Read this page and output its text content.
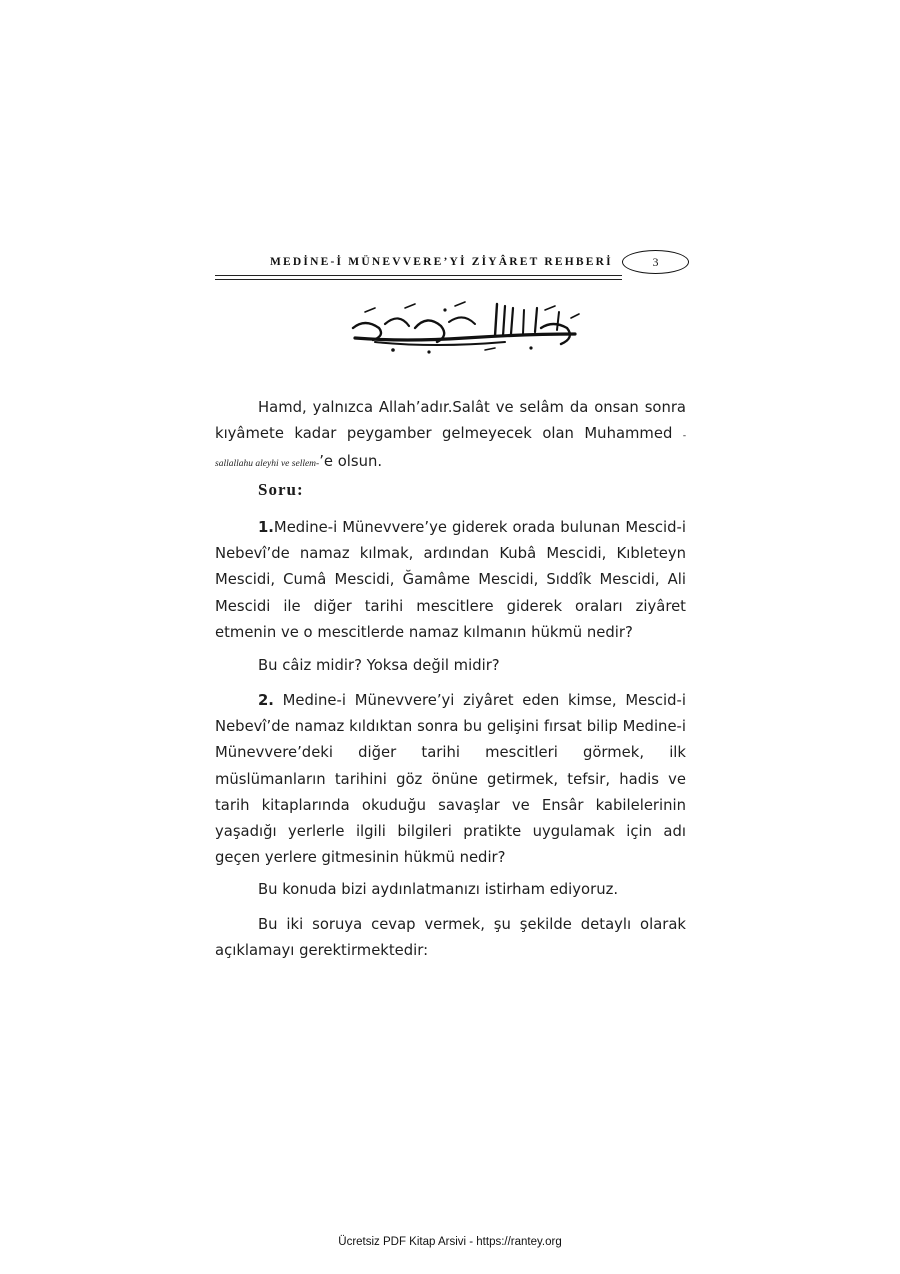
MEDİNE-İ MÜNEVVERE’Yİ ZİYÂRET REHBERİ	3

Hamd, yalnızca Allah’adır.Salât ve selâm da onsan sonra kıyâmete kadar peygamber gelmeyecek olan Muhammed -sallallahu aleyhi ve sellem-’e olsun.

Soru:

1.Medine-i Münevvere’ye giderek orada bulunan Mescid-i Nebevî’de namaz kılmak, ardından Kubâ Mescidi, Kıbleteyn Mescidi, Cumâ Mescidi, Ğamâme Mescidi, Sıddîk Mescidi, Ali Mescidi ile diğer tarihi mescitlere giderek oraları ziyâret etmenin ve o mescitlerde namaz kılmanın hükmü nedir?

Bu câiz midir? Yoksa değil midir?

2. Medine-i Münevvere’yi ziyâret eden kimse, Mescid-i Nebevî’de namaz kıldıktan sonra bu gelişini fırsat bilip Medine-i Münevvere’deki diğer tarihi mescitleri görmek, ilk müslümanların tarihini göz önüne getirmek, tefsir, hadis ve tarih kitaplarında okuduğu savaşlar ve Ensâr kabilelerinin yaşadığı yerlerle ilgili bilgileri pratikte uygulamak için adı geçen yerlere gitmesinin hükmü nedir?

Bu konuda bizi aydınlatmanızı istirham ediyoruz.

Bu iki soruya cevap vermek, şu şekilde detaylı olarak açıklamayı gerektirmektedir:

Ücretsiz PDF Kitap Arsivi - https://rantey.org
